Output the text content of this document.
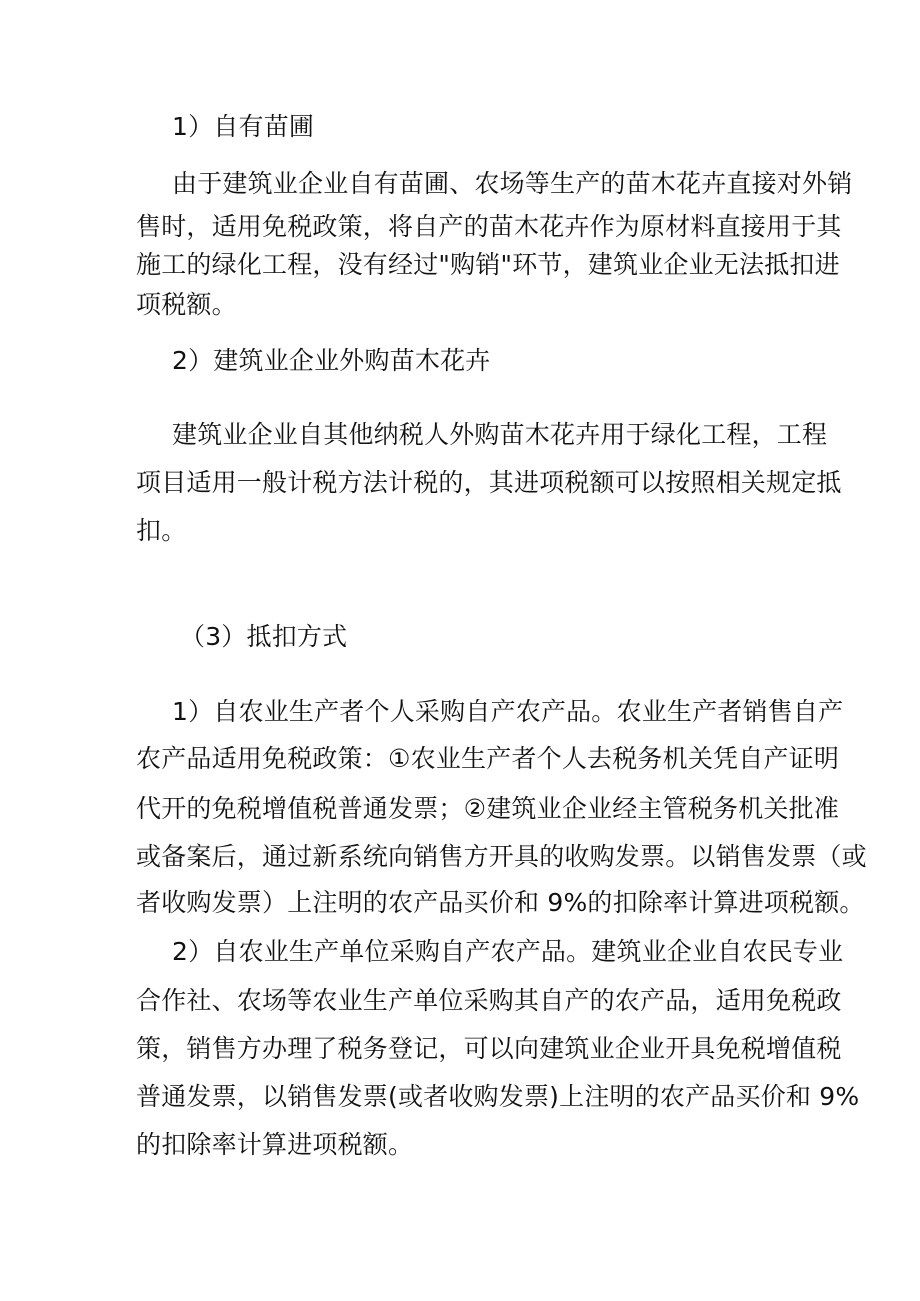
1）自有苗圃
由于建筑业企业自有苗圃、农场等生产的苗木花卉直接对外销
售时，适用免税政策，将自产的苗木花卉作为原材料直接用于其
施工的绿化工程，没有经过"购销"环节，建筑业企业无法抵扣进
项税额。
2）建筑业企业外购苗木花卉
建筑业企业自其他纳税人外购苗木花卉用于绿化工程，工程
项目适用一般计税方法计税的，其进项税额可以按照相关规定抵
扣。
（3）抵扣方式
1）自农业生产者个人采购自产农产品。农业生产者销售自产
农产品适用免税政策：①农业生产者个人去税务机关凭自产证明
代开的免税增值税普通发票；②建筑业企业经主管税务机关批准
或备案后，通过新系统向销售方开具的收购发票。以销售发票（或
者收购发票）上注明的农产品买价和 9%的扣除率计算进项税额。
2）自农业生产单位采购自产农产品。建筑业企业自农民专业
合作社、农场等农业生产单位采购其自产的农产品，适用免税政
策，销售方办理了税务登记，可以向建筑业企业开具免税增值税
普通发票，以销售发票(或者收购发票)上注明的农产品买价和 9%
的扣除率计算进项税额。
